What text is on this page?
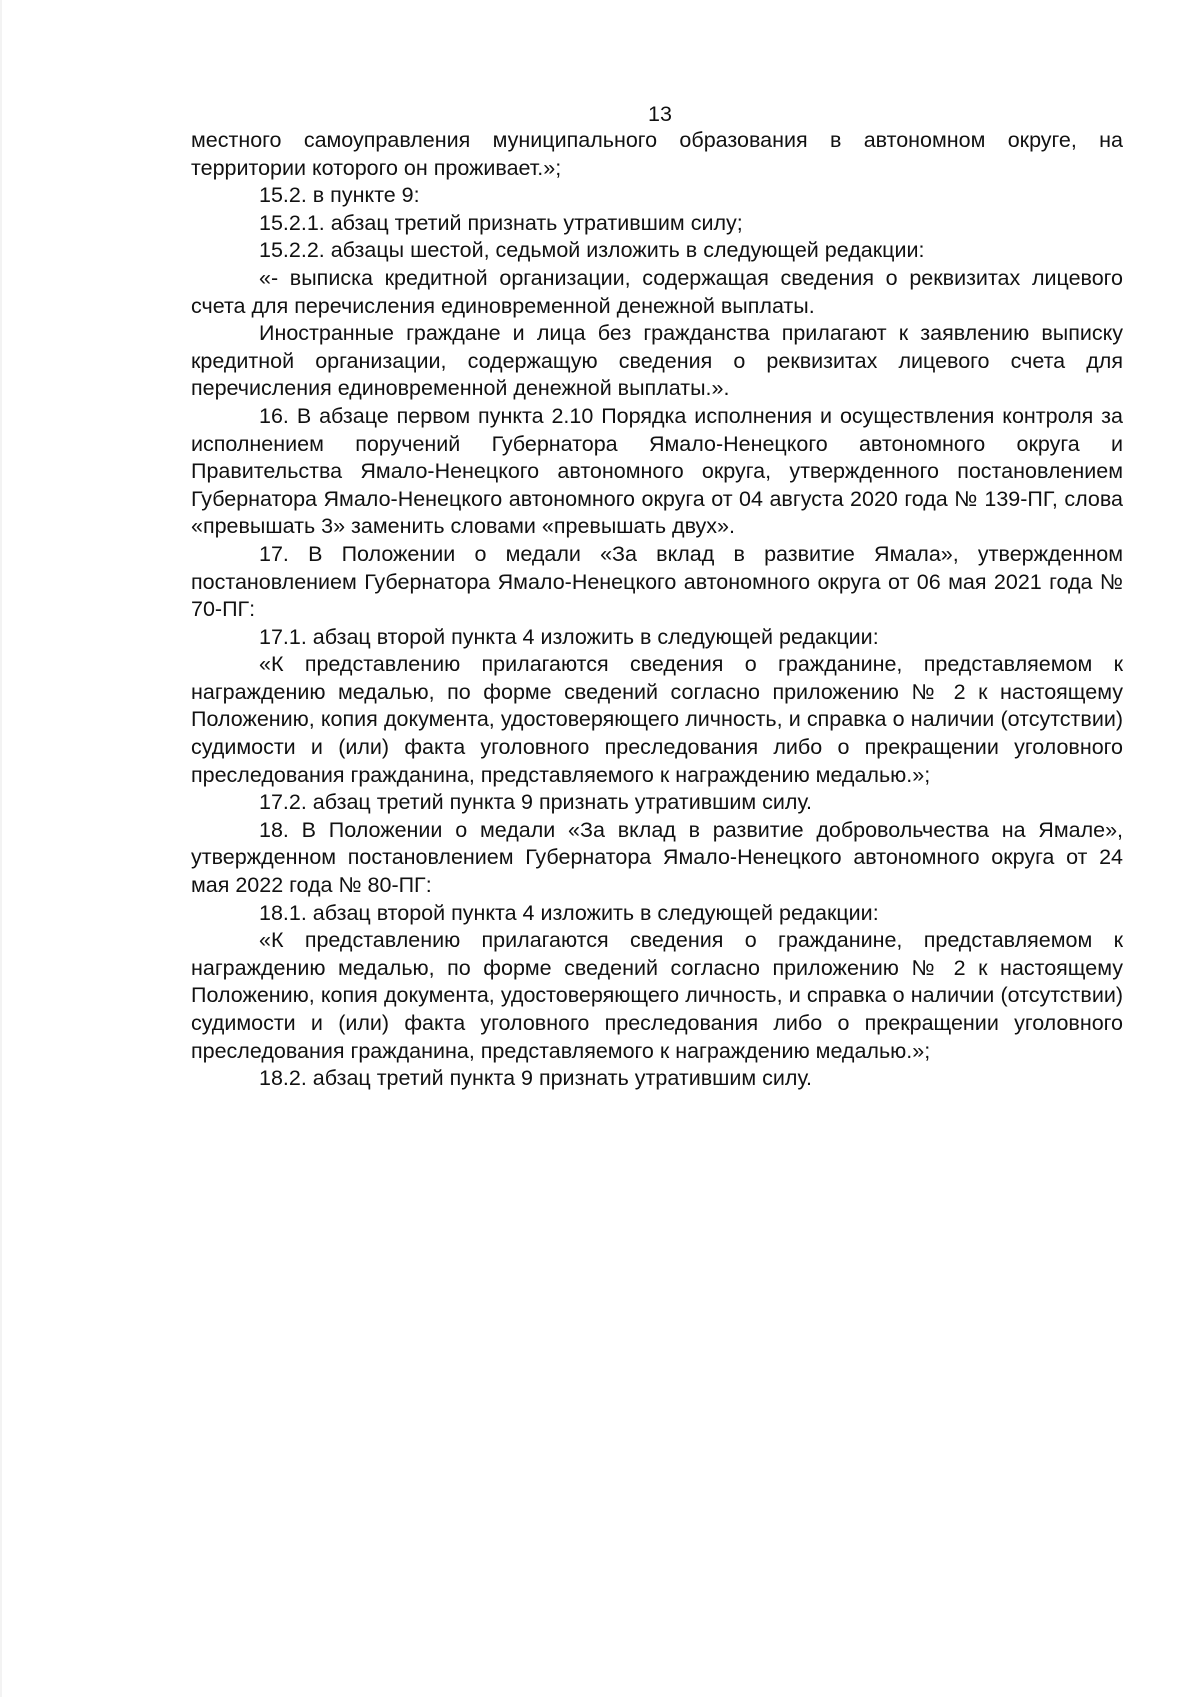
13

местного самоуправления муниципального образования в автономном округе, на территории которого он проживает.»;

15.2. в пункте 9:

15.2.1. абзац третий признать утратившим силу;

15.2.2. абзацы шестой, седьмой изложить в следующей редакции:

«- выписка кредитной организации, содержащая сведения о реквизитах лицевого счета для перечисления единовременной денежной выплаты.

Иностранные граждане и лица без гражданства прилагают к заявлению выписку кредитной организации, содержащую сведения о реквизитах лицевого счета для перечисления единовременной денежной выплаты.».

16. В абзаце первом пункта 2.10 Порядка исполнения и осуществления контроля за исполнением поручений Губернатора Ямало-Ненецкого автономного округа и Правительства Ямало-Ненецкого автономного округа, утвержденного постановлением Губернатора Ямало-Ненецкого автономного округа от 04 августа 2020 года № 139-ПГ, слова «превышать 3» заменить словами «превышать двух».

17. В Положении о медали «За вклад в развитие Ямала», утвержденном постановлением Губернатора Ямало-Ненецкого автономного округа от 06 мая 2021 года № 70-ПГ:

17.1. абзац второй пункта 4 изложить в следующей редакции:

«К представлению прилагаются сведения о гражданине, представляемом к награждению медалью, по форме сведений согласно приложению № 2 к настоящему Положению, копия документа, удостоверяющего личность, и справка о наличии (отсутствии) судимости и (или) факта уголовного преследования либо о прекращении уголовного преследования гражданина, представляемого к награждению медалью.»;

17.2. абзац третий пункта 9 признать утратившим силу.

18. В Положении о медали «За вклад в развитие добровольчества на Ямале», утвержденном постановлением Губернатора Ямало-Ненецкого автономного округа от 24 мая 2022 года № 80-ПГ:

18.1. абзац второй пункта 4 изложить в следующей редакции:

«К представлению прилагаются сведения о гражданине, представляемом к награждению медалью, по форме сведений согласно приложению № 2 к настоящему Положению, копия документа, удостоверяющего личность, и справка о наличии (отсутствии) судимости и (или) факта уголовного преследования либо о прекращении уголовного преследования гражданина, представляемого к награждению медалью.»;

18.2. абзац третий пункта 9 признать утратившим силу.
